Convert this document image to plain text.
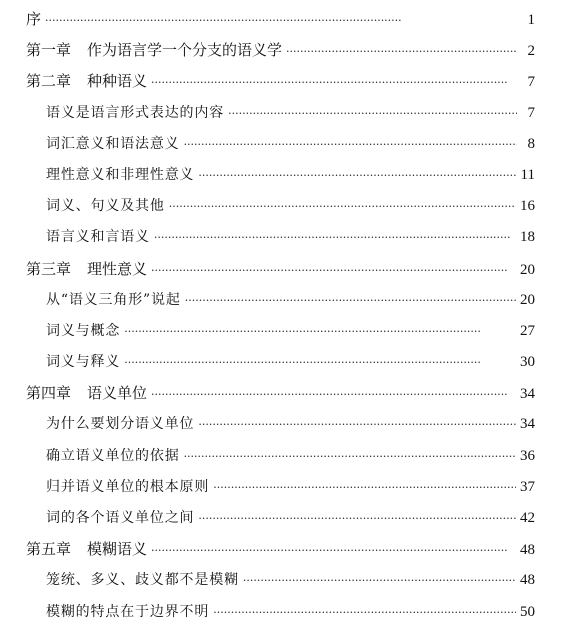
序 ·····	1
第一章 作为语言学一个分支的语义学 ·····	2
第二章 种种语义 ·····	7
语义是语言形式表达的内容 ·····	7
词汇意义和语法意义 ·····	8
理性意义和非理性意义 ·····	11
词义、句义及其他 ·····	16
语言义和言语义 ·····	18
第三章 理性意义 ·····	20
从“语义三角形”说起 ·····	20
词义与概念 ·····	27
词义与释义 ·····	30
第四章 语义单位 ·····	34
为什么要划分语义单位 ·····	34
确立语义单位的依据 ·····	36
归并语义单位的根本原则 ·····	37
词的各个语义单位之间 ·····	42
第五章 模糊语义 ·····	48
笼统、多义、歧义都不是模糊 ·····	48
模糊的特点在于边界不明 ·····	50
